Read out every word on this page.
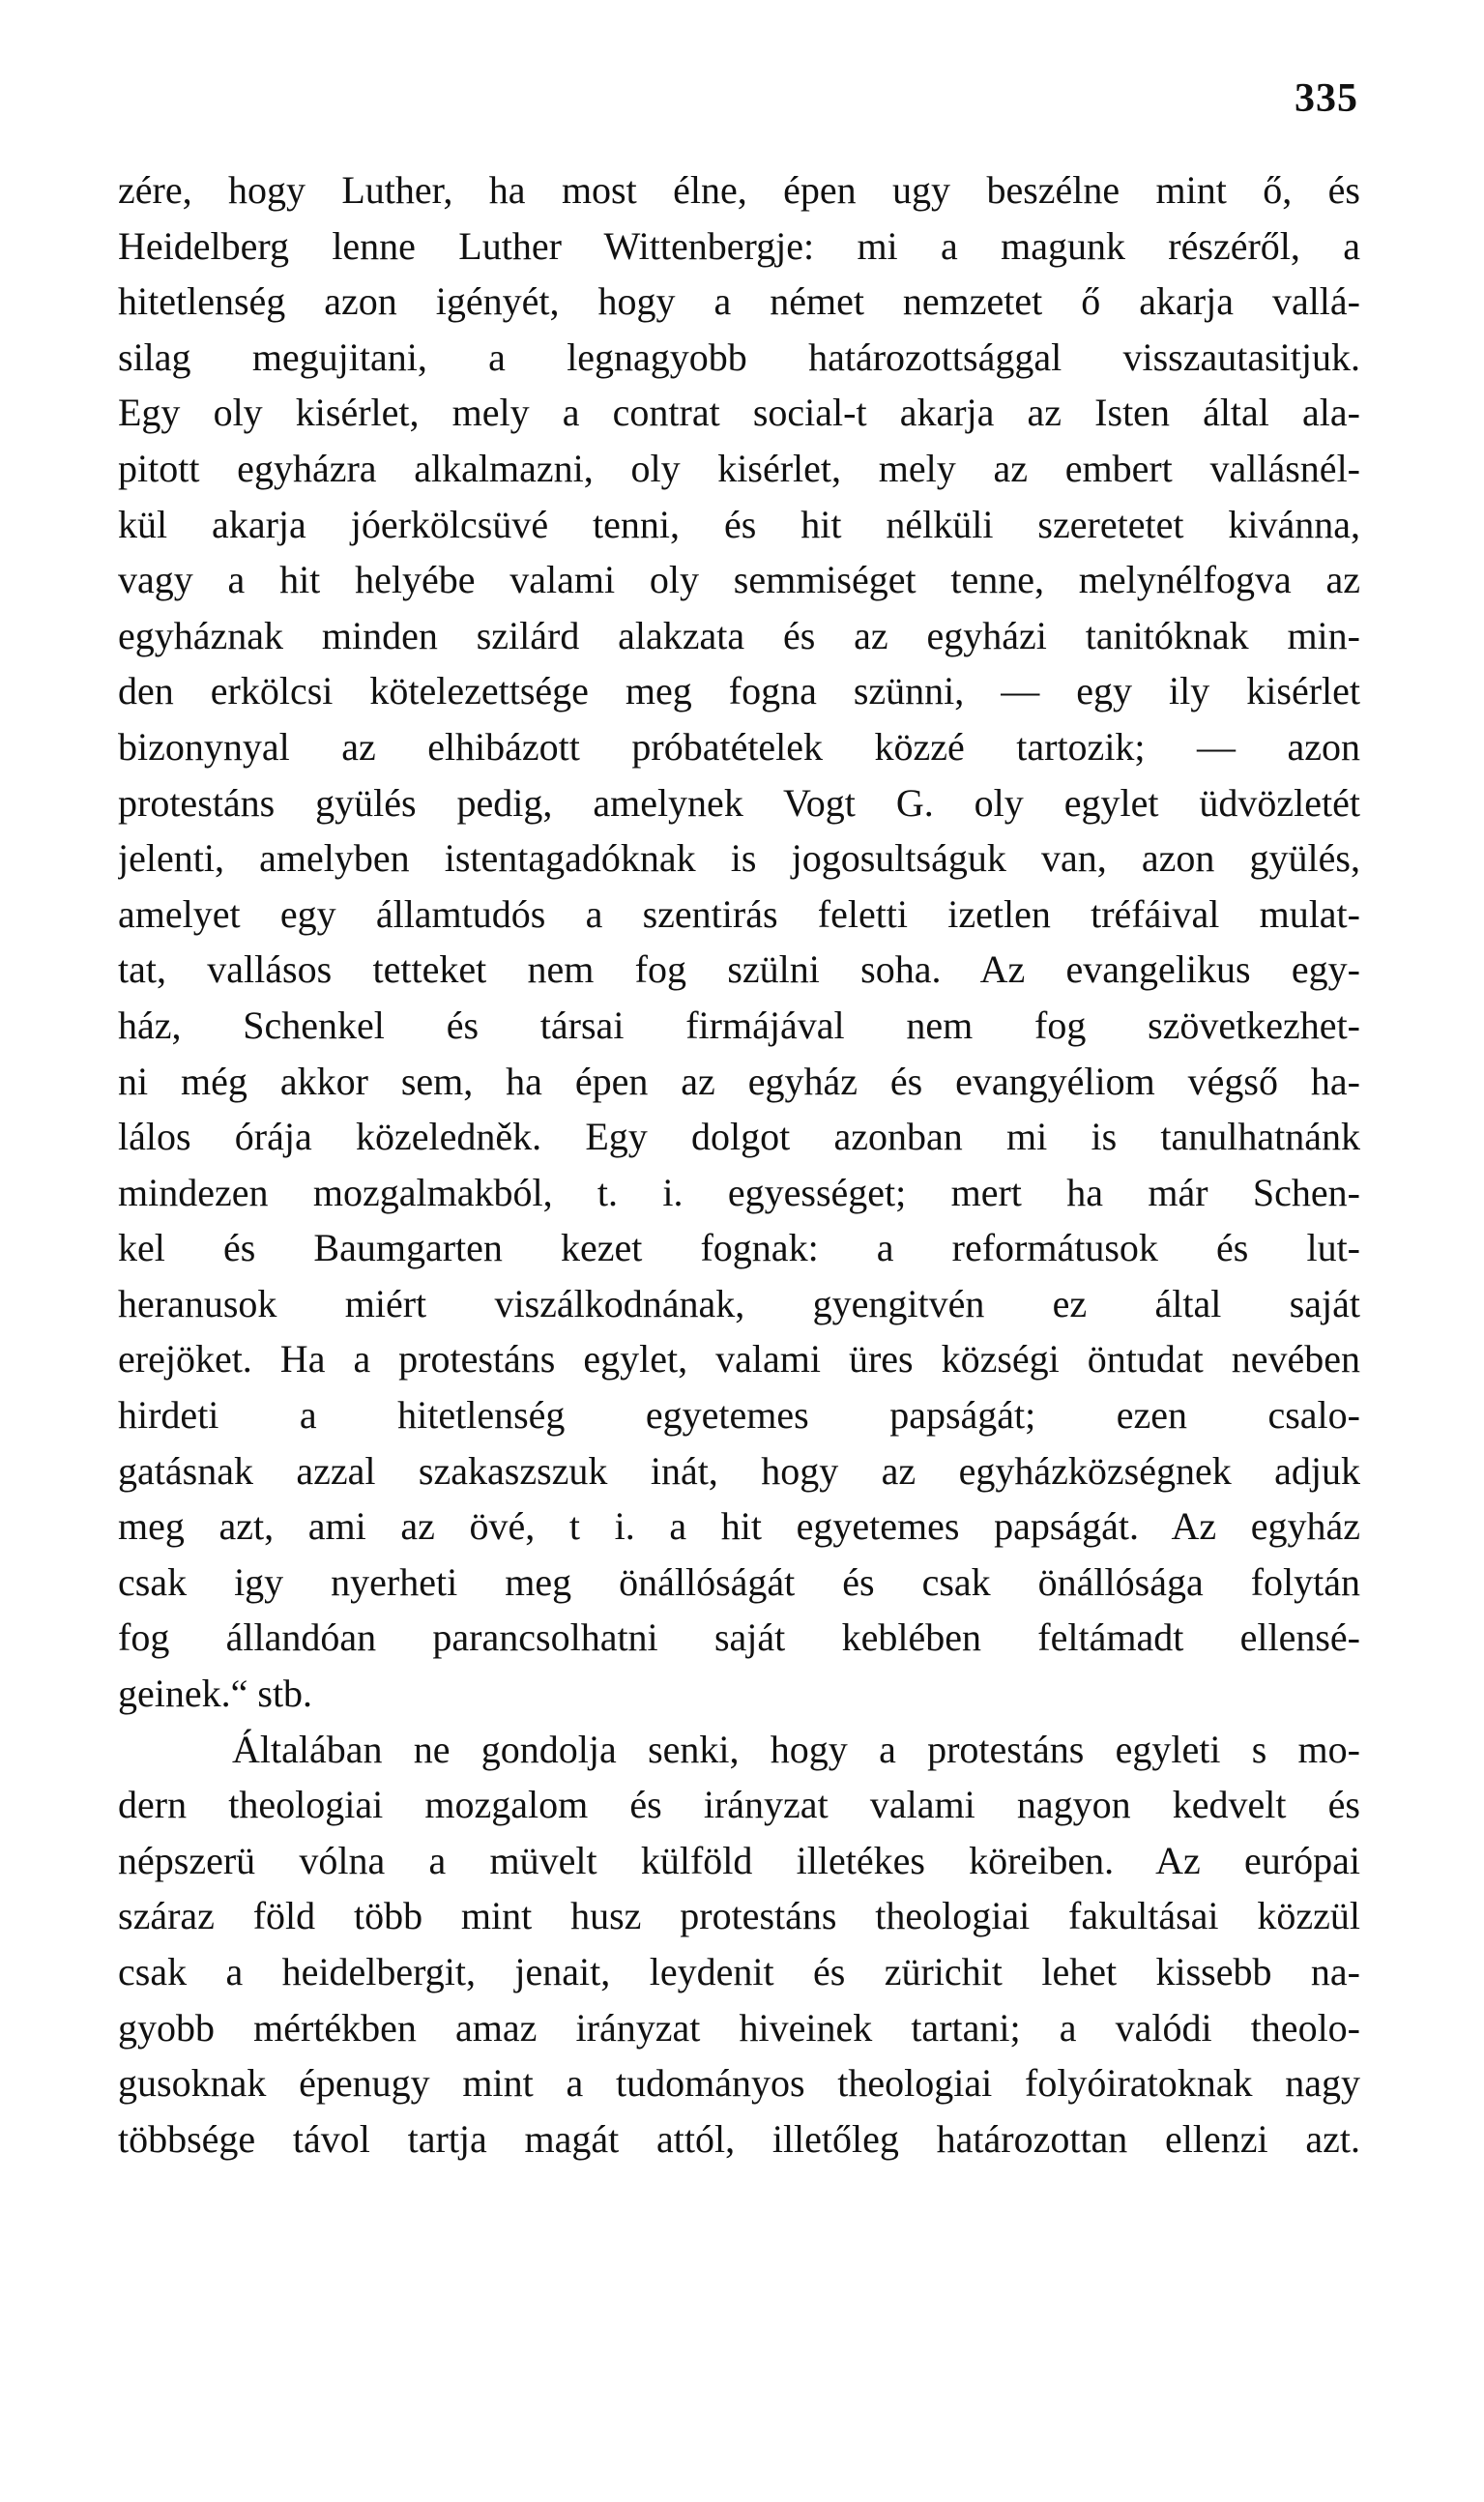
335
zére, hogy Luther, ha most élne, épen ugy beszélne mint ő, és
Heidelberg lenne Luther Wittenbergje: mi a magunk részéről, a
hitetlenség azon igényét, hogy a német nemzetet ő akarja vallá-
silag megujitani, a legnagyobb határozottsággal visszautasitjuk.
Egy oly kisérlet, mely a contrat social-t akarja az Isten által ala-
pitott egyházra alkalmazni, oly kisérlet, mely az embert vallásnél-
kül akarja jóerkölcsüvé tenni, és hit nélküli szeretetet kivánna,
vagy a hit helyébe valami oly semmiséget tenne, melynélfogva az
egyháznak minden szilárd alakzata és az egyházi tanitóknak min-
den erkölcsi kötelezettsége meg fogna szünni, — egy ily kisérlet
bizonynyal az elhibázott próbatételek közzé tartozik; — azon
protestáns gyülés pedig, amelynek Vogt G. oly egylet üdvözletét
jelenti, amelyben istentagadóknak is jogosultságuk van, azon gyülés,
amelyet egy államtudós a szentirás feletti izetlen tréfáival mulat-
tat, vallásos tetteket nem fog szülni soha. Az evangelikus egy-
ház, Schenkel és társai firmájával nem fog szövetkezhet-
ni még akkor sem, ha épen az egyház és evangyéliom végső ha-
lálos órája közeledněk. Egy dolgot azonban mi is tanulhatnánk
mindezen mozgalmakból, t. i. egyességet; mert ha már Schen-
kel és Baumgarten kezet fognak: a reformátusok és lut-
heranusok miért viszálkodnának, gyengitvén ez által saját
erejöket. Ha a protestáns egylet, valami üres községi öntudat nevében
hirdeti a hitetlenség egyetemes papságát; ezen csalo-
gatásnak azzal szakaszszuk inát, hogy az egyházközségnek adjuk
meg azt, ami az övé, t i. a hit egyetemes papságát. Az egyház
csak igy nyerheti meg önállóságát és csak önállósága folytán
fog állandóan parancsolhatni saját keblében feltámadt ellensé-
geinek.“ stb.
Általában ne gondolja senki, hogy a protestáns egyleti s mo-
dern theologiai mozgalom és irányzat valami nagyon kedvelt és
népszerü vólna a müvelt külföld illetékes köreiben. Az európai
száraz föld több mint husz protestáns theologiai fakultásai közzül
csak a heidelbergit, jenait, leydenit és zürichit lehet kissebb na-
gyobb mértékben amaz irányzat hiveinek tartani; a valódi theolo-
gusoknak épenugy mint a tudományos theologiai folyóiratoknak nagy
többsége távol tartja magát attól, illetőleg határozottan ellenzi azt.
